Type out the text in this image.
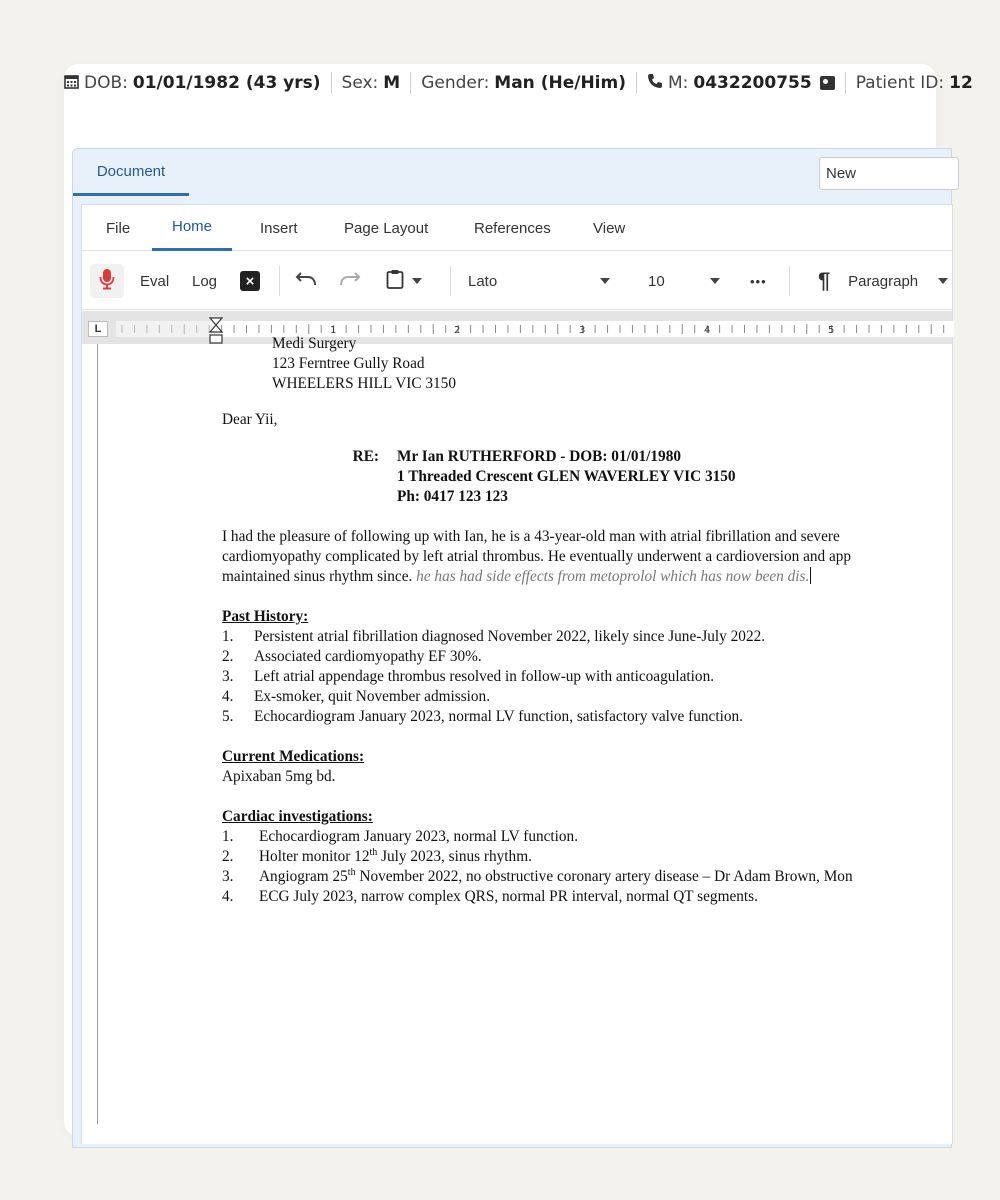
DOB: 01/01/1982 (43 yrs) Sex: M Gender: Man (He/Him) M: 0432200755	Patient ID: 12
Document
New
File	Home	Insert	Page Layout	References	View
Eval Log	×	Lato	10	••• ¶ Paragraph
L	1	2	3	4	5

Medi Surgery

123 Ferntree Gully Road

WHEELERS HILL VIC 3150

Dear Yii,

RE:	Mr Ian RUTHERFORD - DOB: 01/01/1980
1 Threaded Crescent GLEN WAVERLEY VIC 3150
Ph: 0417 123 123

I had the pleasure of following up with Ian, he is a 43-year-old man with atrial fibrillation and severe

cardiomyopathy complicated by left atrial thrombus. He eventually underwent a cardioversion and app

maintained sinus rhythm since. he has had side effects from metoprolol which has now been dis.

Past History:

1.	Persistent atrial fibrillation diagnosed November 2022, likely since June-July 2022.
2.	Associated cardiomyopathy EF 30%.
3.	Left atrial appendage thrombus resolved in follow-up with anticoagulation.
4.	Ex-smoker, quit November admission.
5.	Echocardiogram January 2023, normal LV function, satisfactory valve function.

Current Medications:

Apixaban 5mg bd.

Cardiac investigations:

1.	Echocardiogram January 2023, normal LV function.
2.	Holter monitor 12th July 2023, sinus rhythm.
3.	Angiogram 25th November 2022, no obstructive coronary artery disease – Dr Adam Brown, Mon
4.	ECG July 2023, narrow complex QRS, normal PR interval, normal QT segments.
